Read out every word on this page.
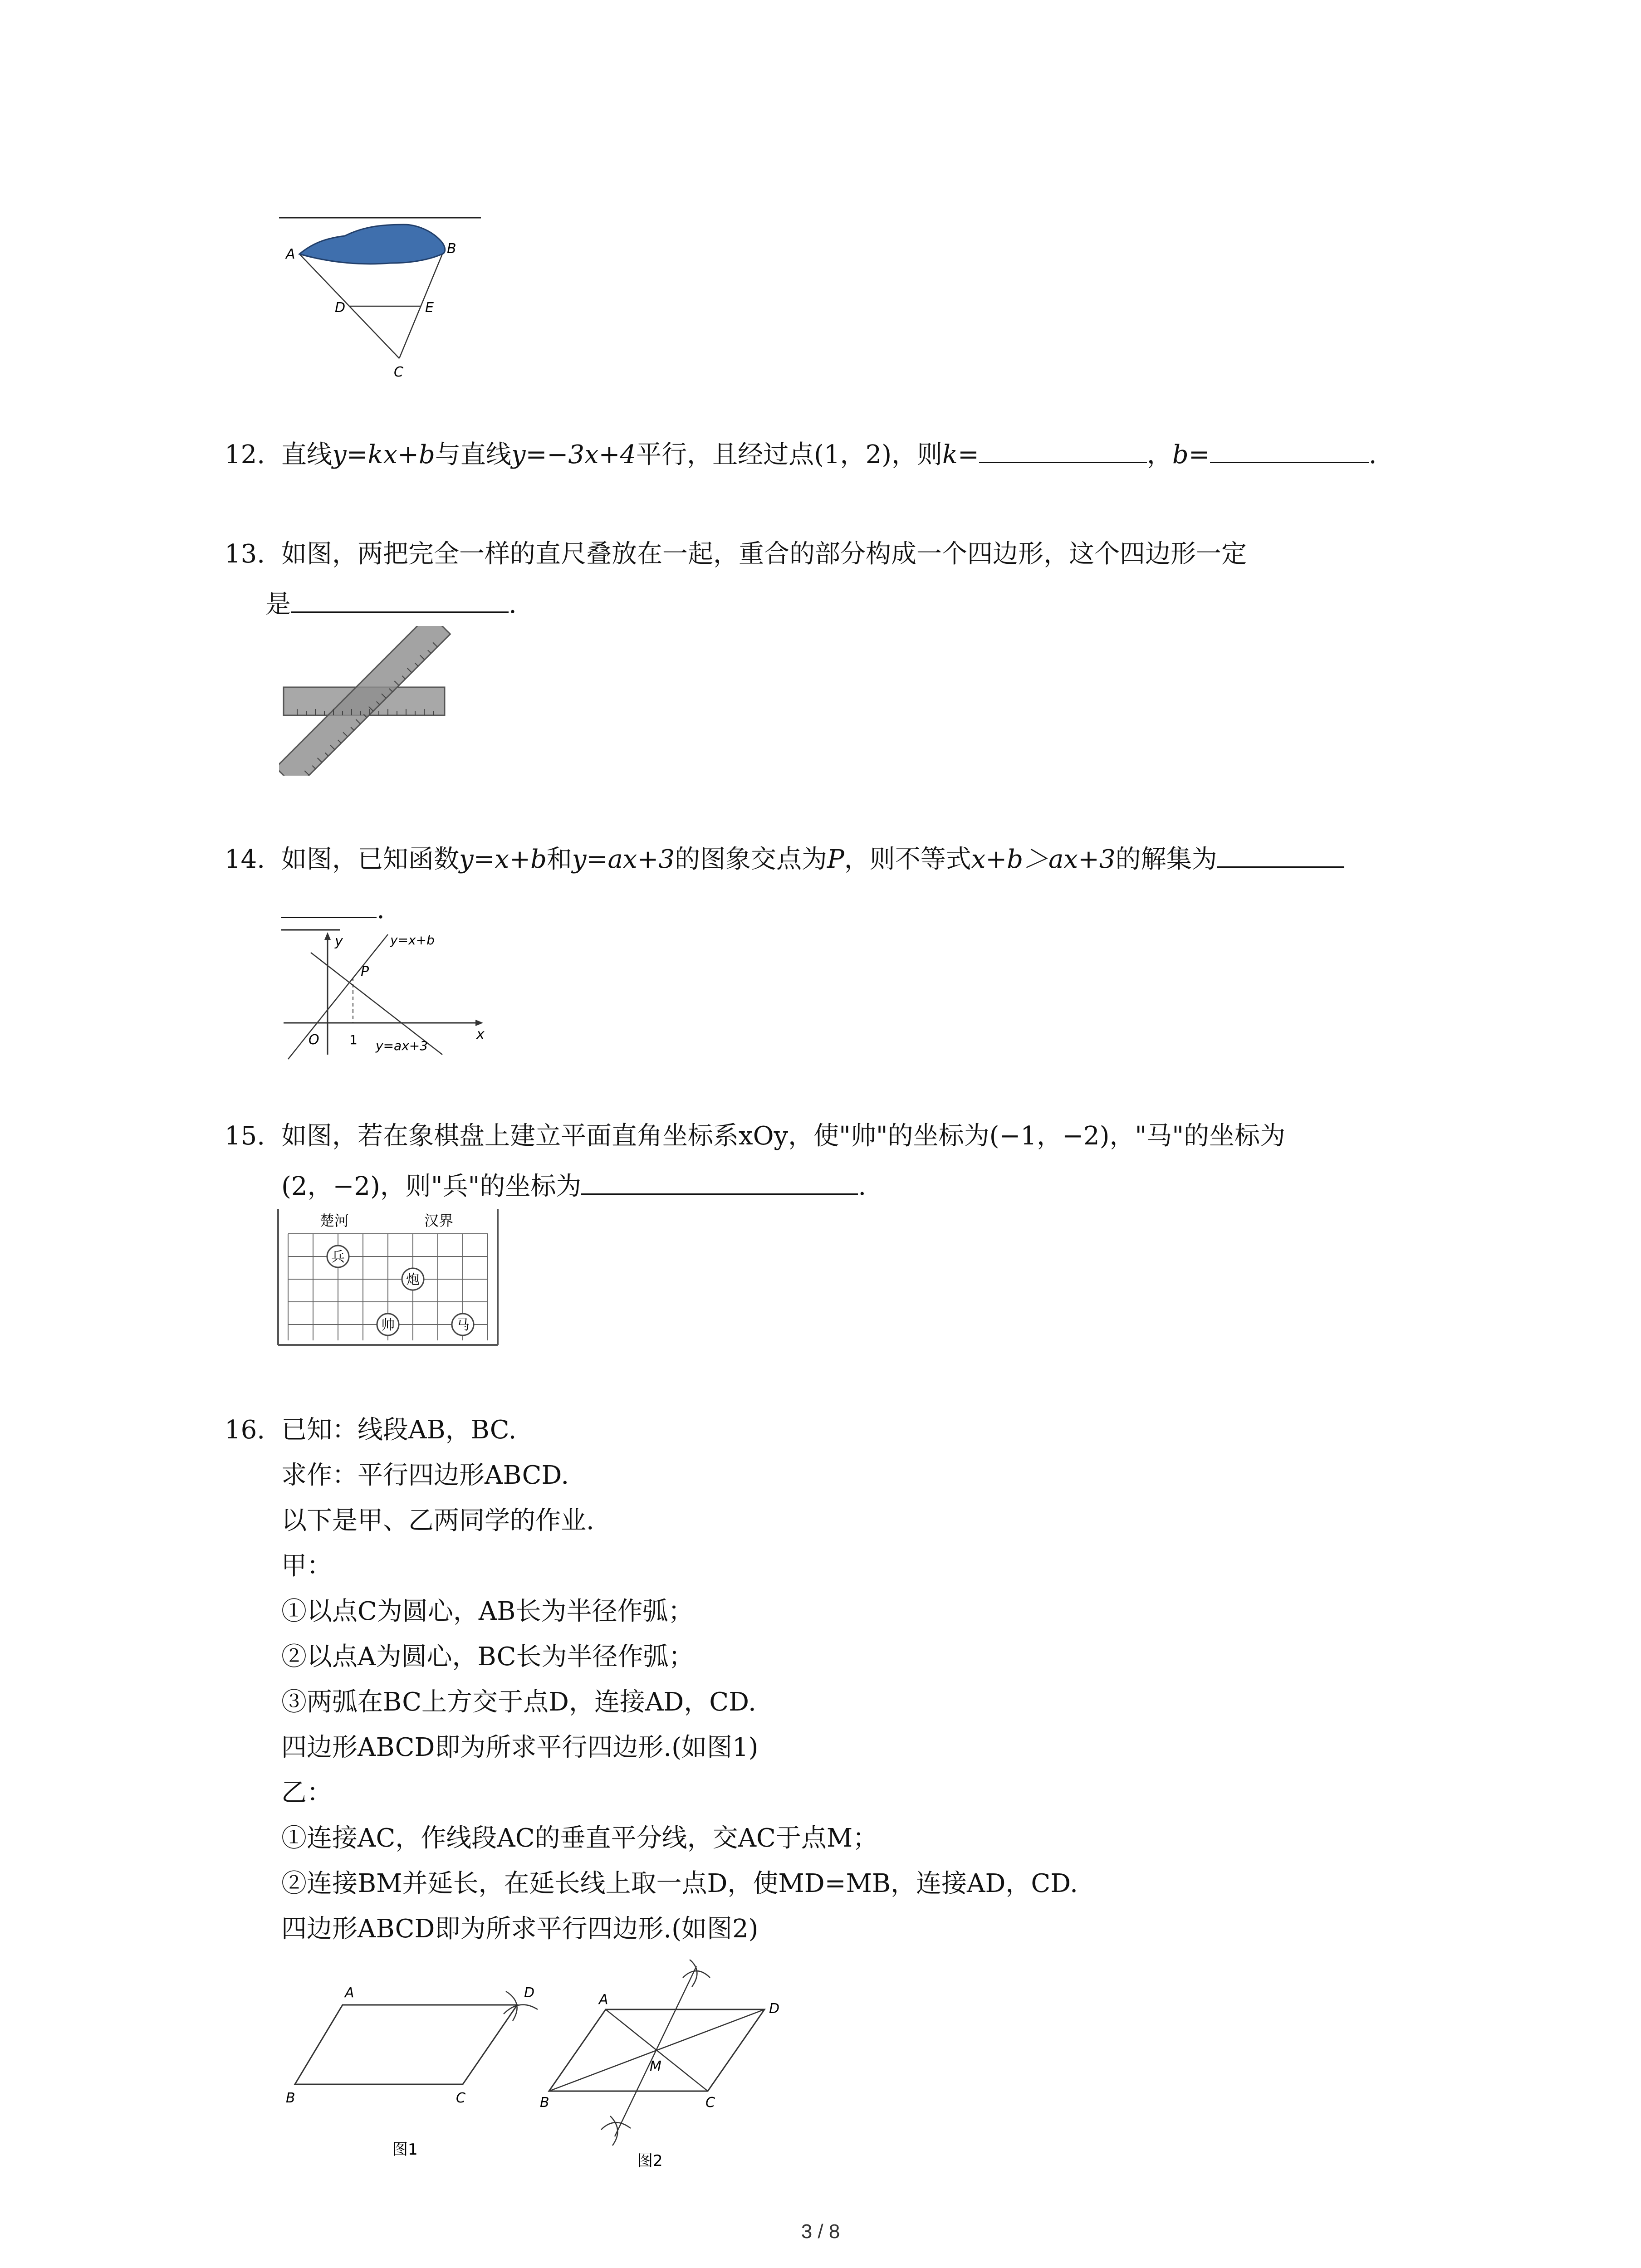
A	B
D	E
C
12. 直线y=kx+b与直线y=−3x+4平行，且经过点(1，2)，则k=	，b=	.
13. 如图，两把完全一样的直尺叠放在一起，重合的部分构成一个四边形，这个四边形一定
是	.
14. 如图，已知函数y=x+b和y=ax+3的图象交点为P，则不等式x+b＞ax+3的解集为
.
y
x
O 1
P
y=x+b
y=ax+3
15. 如图，若在象棋盘上建立平面直角坐标系xOy，使"帅"的坐标为(−1，−2)，"马"的坐标为
(2，−2)，则"兵"的坐标为	.
楚河	汉界
兵
炮
帅	马
16. 已知：线段AB，BC.
求作：平行四边形ABCD.
以下是甲、乙两同学的作业.
甲：
①以点C为圆心，AB长为半径作弧；
②以点A为圆心，BC长为半径作弧；
③两弧在BC上方交于点D，连接AD，CD.
四边形ABCD即为所求平行四边形.(如图1)
乙：
①连接AC，作线段AC的垂直平分线，交AC于点M；
②连接BM并延长，在延长线上取一点D，使MD=MB，连接AD，CD.
四边形ABCD即为所求平行四边形.(如图2)
A	D
B	C
图1
A
D
M
B	C
图2
3 / 8
